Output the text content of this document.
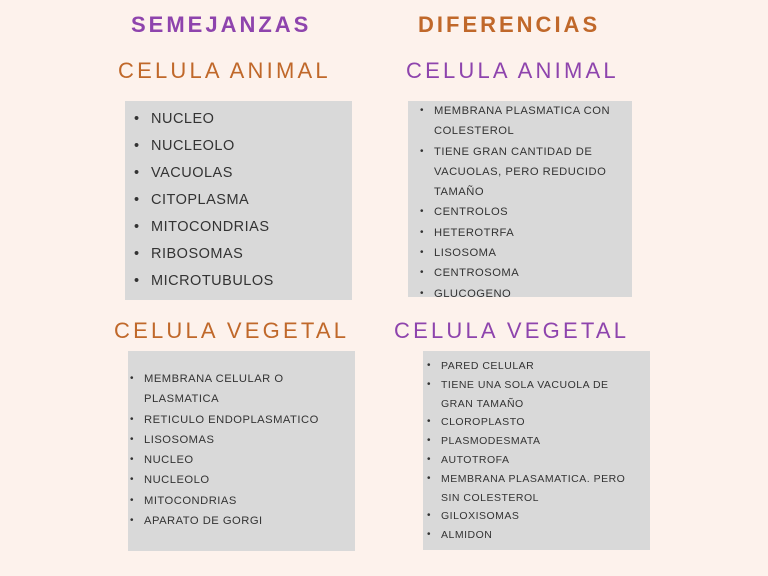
SEMEJANZAS	DIFERENCIAS
CELULA ANIMAL	CELULA ANIMAL
• NUCLEO
• NUCLEOLO
• VACUOLAS
• CITOPLASMA
• MITOCONDRIAS
• RIBOSOMAS
• MICROTUBULOS
• MEMBRANA PLASMATICA CON COLESTEROL
• TIENE GRAN CANTIDAD DE VACUOLAS, PERO REDUCIDO TAMAÑO
• CENTROLOS
• HETEROTRFA
• LISOSOMA
• CENTROSOMA
• GLUCOGENO
CELULA VEGETAL CELULA VEGETAL
• MEMBRANA CELULAR O PLASMATICA
• RETICULO ENDOPLASMATICO
• LISOSOMAS
• NUCLEO
• NUCLEOLO
• MITOCONDRIAS
• APARATO DE GORGI
• PARED CELULAR
• TIENE UNA SOLA VACUOLA DE GRAN TAMAÑO
• CLOROPLASTO
• PLASMODESMATA
• AUTOTROFA
• MEMBRANA PLASAMATICA. PERO SIN COLESTEROL
• GILOXISOMAS
• ALMIDON
